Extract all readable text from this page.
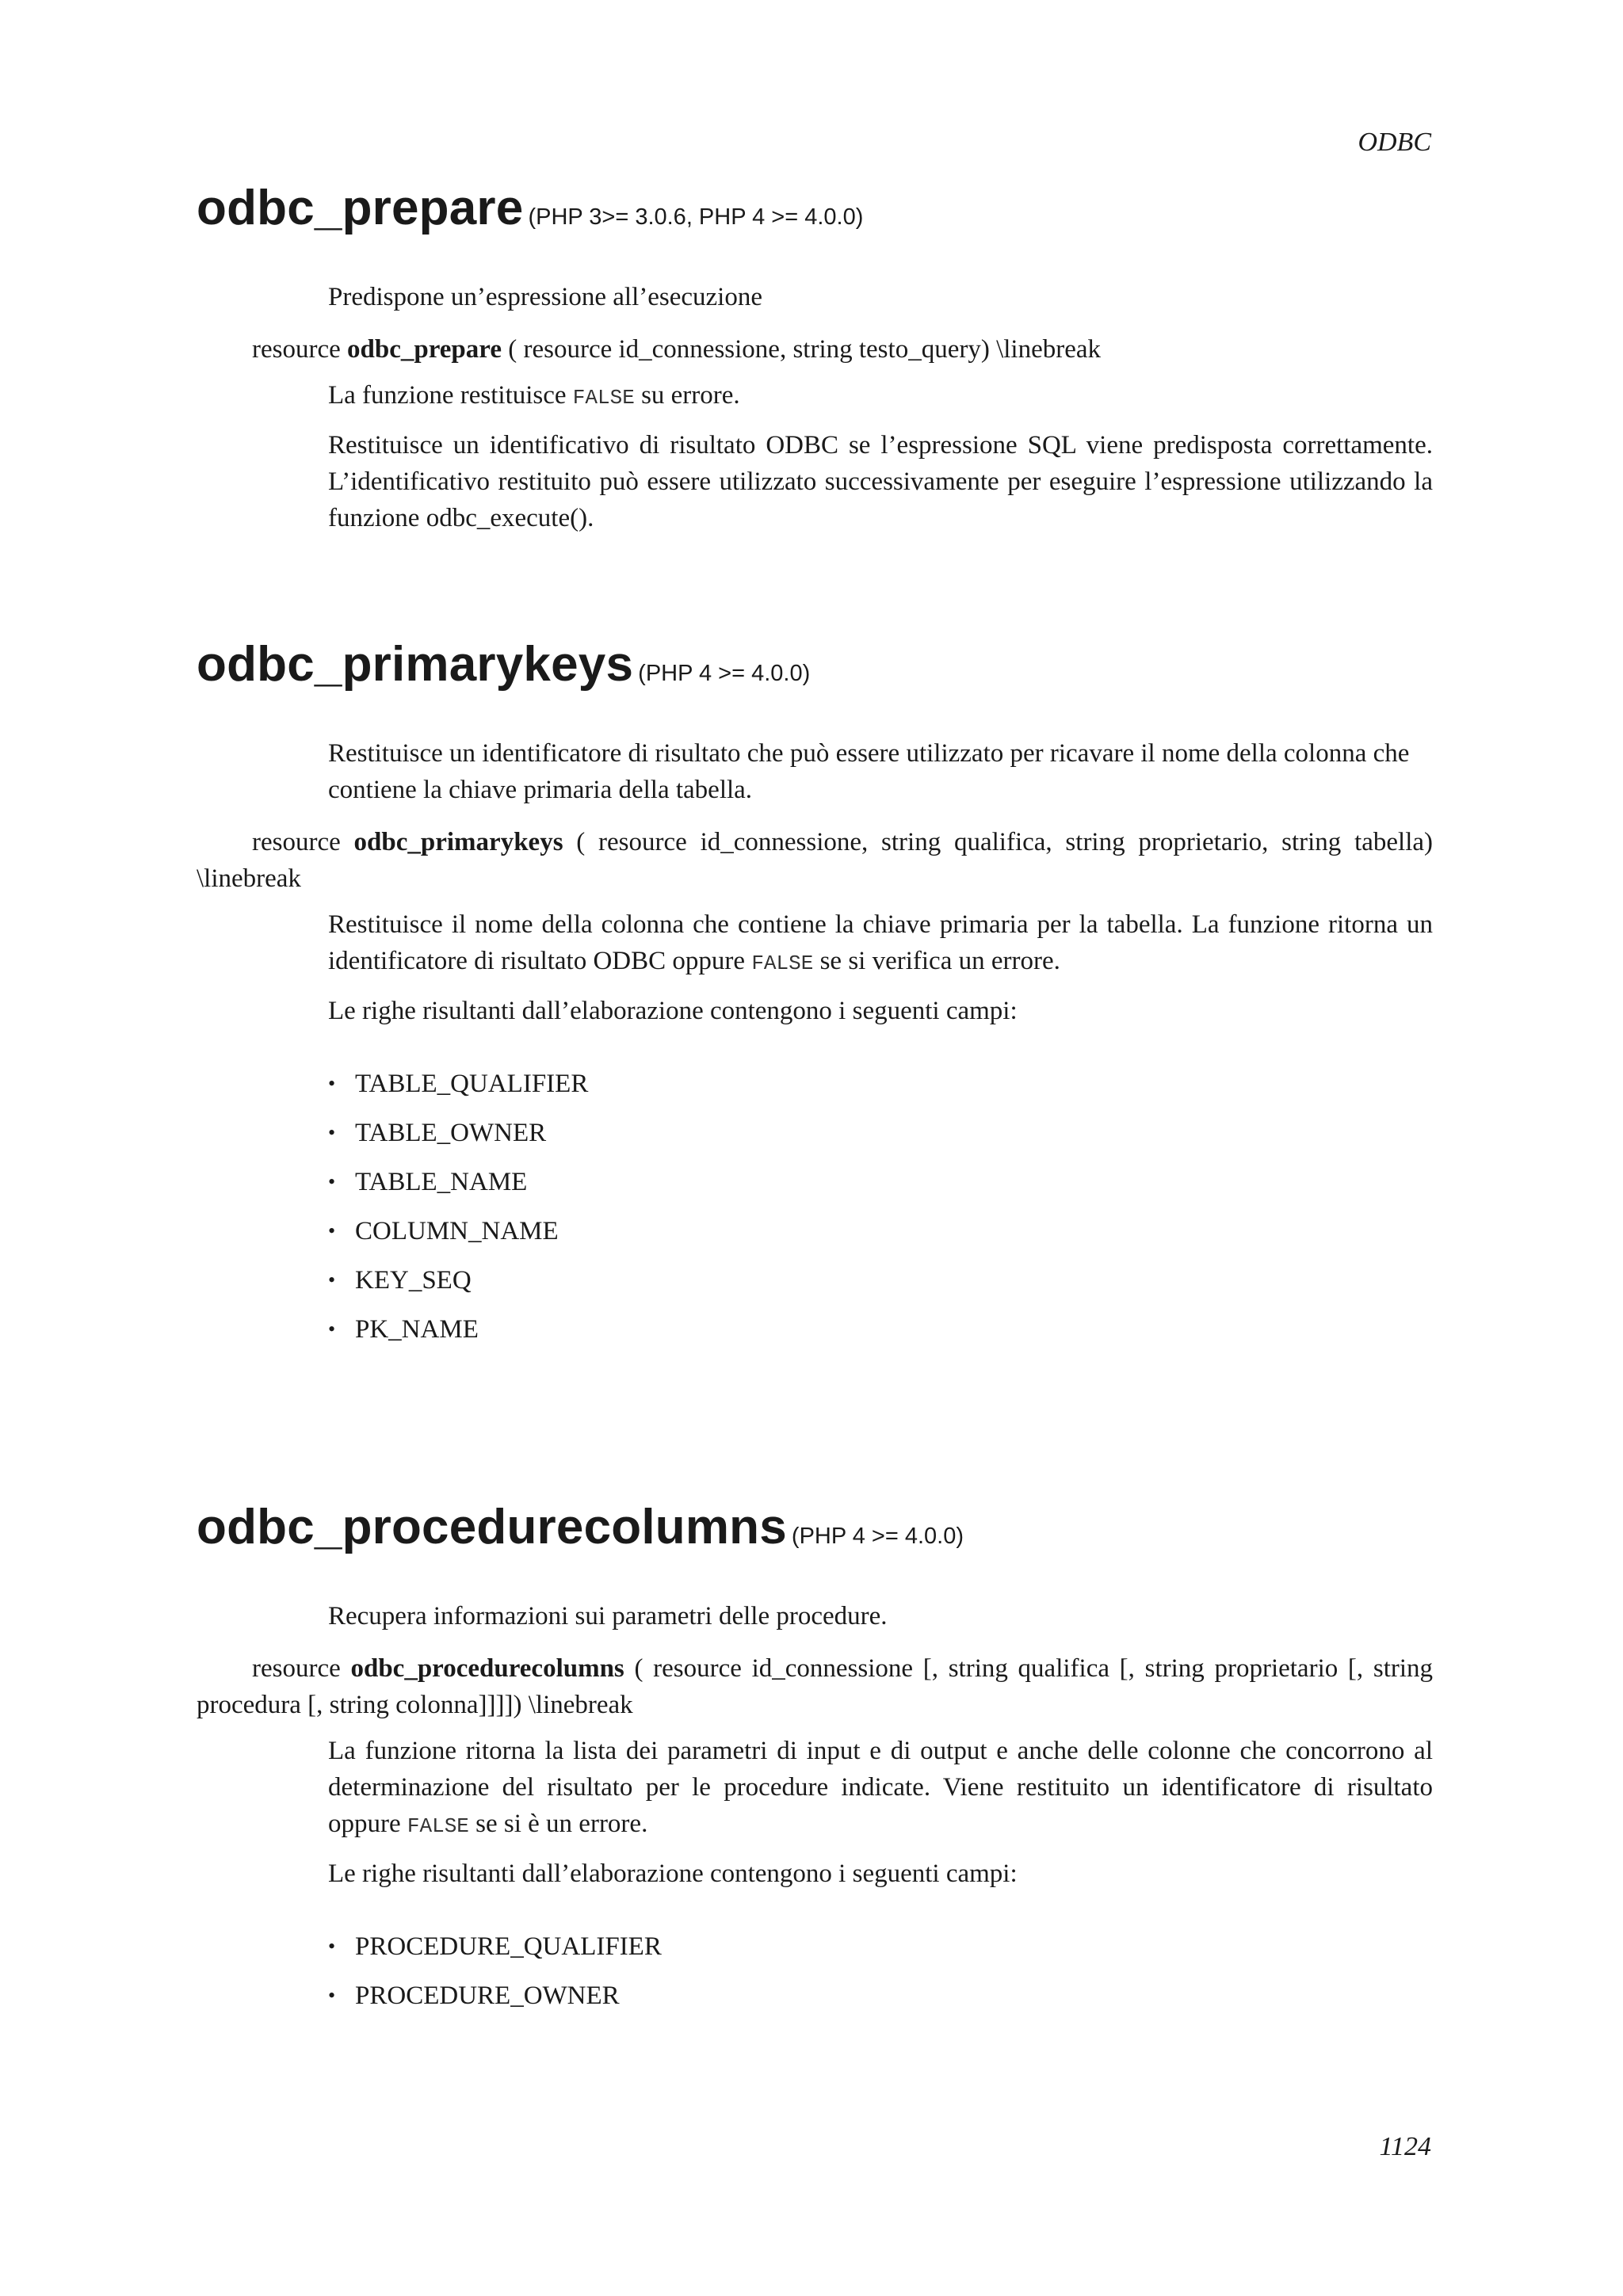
ODBC
odbc_prepare (PHP 3>= 3.0.6, PHP 4 >= 4.0.0)

Predispone un’espressione all’esecuzione

resource odbc_prepare ( resource id_connessione, string testo_query) \linebreak

La funzione restituisce FALSE su errore.

Restituisce un identificativo di risultato ODBC se l’espressione SQL viene predisposta correttamente. L’identificativo restituito può essere utilizzato successivamente per eseguire l’espressione utilizzando la funzione odbc_execute().

odbc_primarykeys (PHP 4 >= 4.0.0)

Restituisce un identificatore di risultato che può essere utilizzato per ricavare il nome della colonna che contiene la chiave primaria della tabella.

resource odbc_primarykeys ( resource id_connessione, string qualifica, string proprietario, string tabella) \linebreak

Restituisce il nome della colonna che contiene la chiave primaria per la tabella. La funzione ritorna un identificatore di risultato ODBC oppure FALSE se si verifica un errore.

Le righe risultanti dall’elaborazione contengono i seguenti campi:

• TABLE_QUALIFIER
• TABLE_OWNER
• TABLE_NAME
• COLUMN_NAME
• KEY_SEQ
• PK_NAME
odbc_procedurecolumns (PHP 4 >= 4.0.0)

Recupera informazioni sui parametri delle procedure.

resource odbc_procedurecolumns ( resource id_connessione [, string qualifica [, string proprietario [, string procedura [, string colonna]]]]) \linebreak

La funzione ritorna la lista dei parametri di input e di output e anche delle colonne che concorrono al determinazione del risultato per le procedure indicate. Viene restituito un identificatore di risultato oppure FALSE se si è un errore.

Le righe risultanti dall’elaborazione contengono i seguenti campi:

• PROCEDURE_QUALIFIER
• PROCEDURE_OWNER
1124
